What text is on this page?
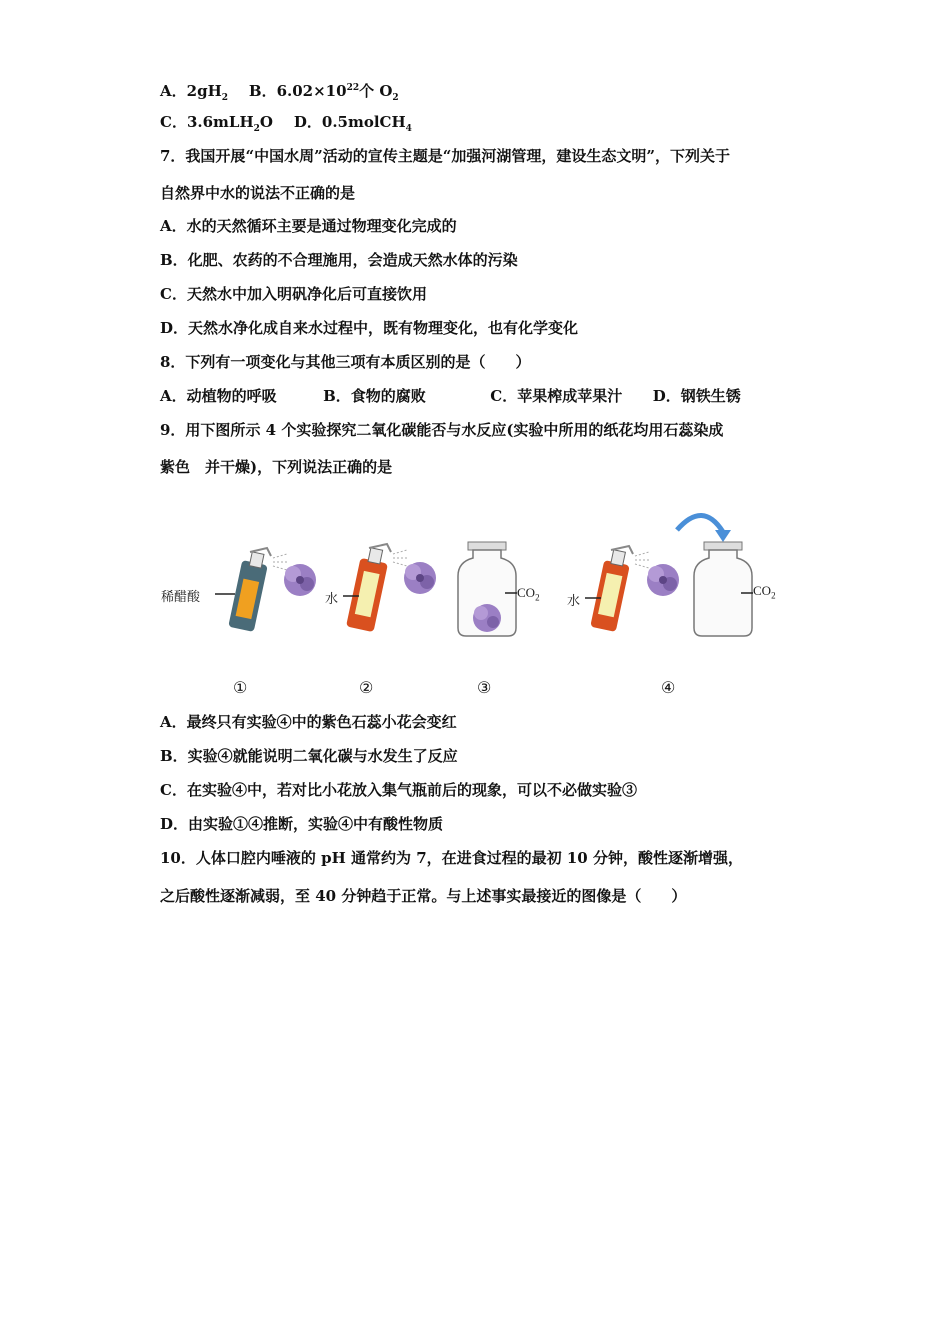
A．$2gH_2$ B．$6.02\times 10^{22}$个 $O_2$
C．3.6mLH$_2$O D．0.5molCH$_4$
7．我国开展“中国水周”活动的宣传主题是“加强河湖管理，建设生态文明”，下列关于
自然界中水的说法不正确的是
A．水的天然循环主要是通过物理变化完成的
B．化肥、农药的不合理施用，会造成天然水体的污染
C．天然水中加入明矾净化后可直接饮用
D．天然水净化成自来水过程中，既有物理变化，也有化学变化
8．下列有一项变化与其他三项有本质区别的是（　　）
A．动植物的呼吸	B．食物的腐败	C．苹果榨成苹果汁 D．钢铁生锈
9．用下图所示 4 个实验探究二氧化碳能否与水反应(实验中所用的纸花均用石蕊染成
紫色　并干燥)，下列说法正确的是
稀醋酸	水	$CO_2$ 水
$CO_2$
①	②	③	④
A．最终只有实验④中的紫色石蕊小花会变红
B．实验④就能说明二氧化碳与水发生了反应
C．在实验④中，若对比小花放入集气瓶前后的现象，可以不必做实验③
D．由实验①④推断，实验④中有酸性物质
10．人体口腔内唾液的 pH 通常约为 7，在进食过程的最初 10 分钟，酸性逐渐增强，
之后酸性逐渐减弱，至 40 分钟趋于正常。与上述事实最接近的图像是（　　）
